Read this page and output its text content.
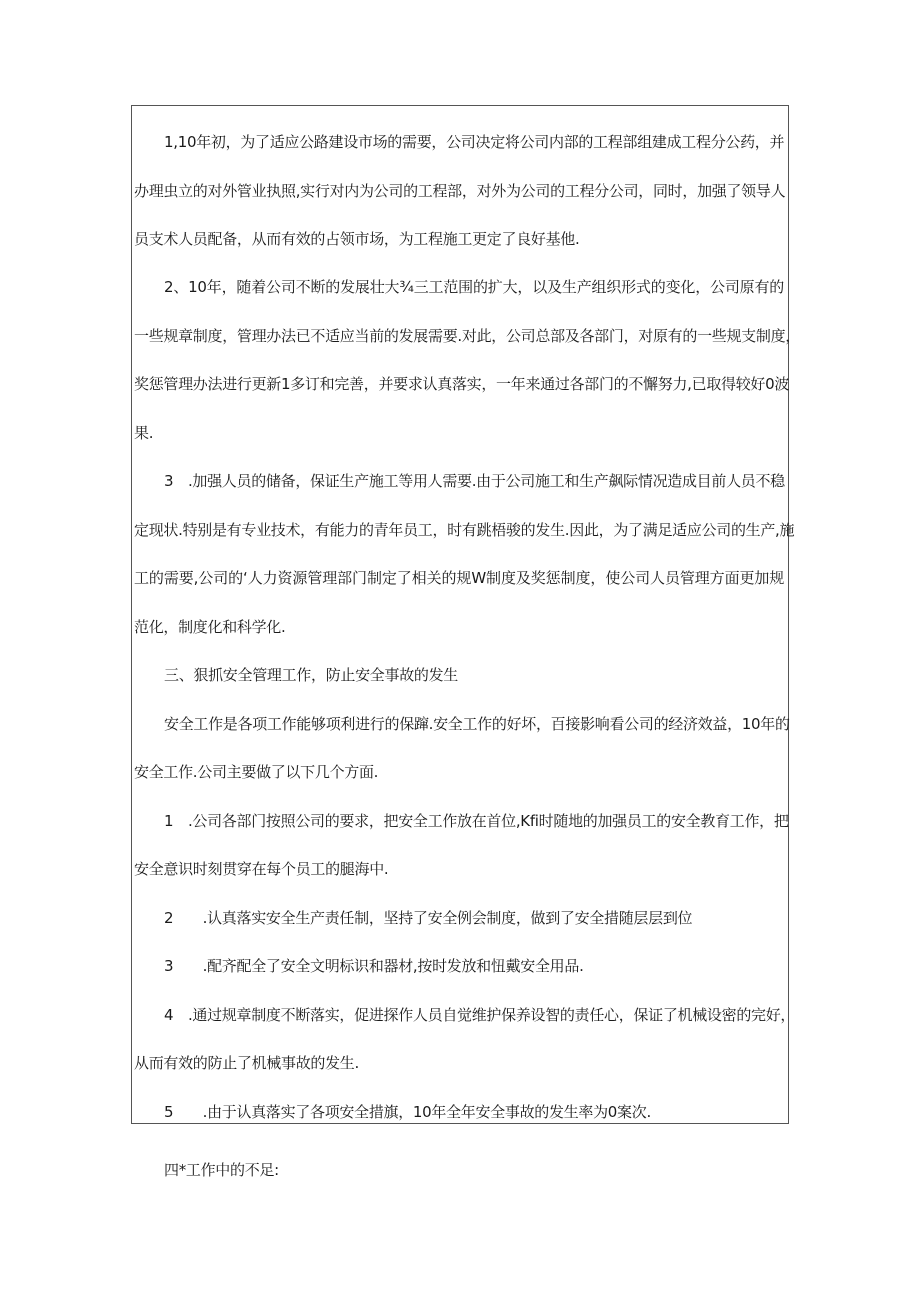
1,10年初，为了适应公路建设市场的需要，公司决定将公司内部的工程部组建成工程分公药，并

办理虫立的对外管业执照,实行对内为公司的工程部，对外为公司的工程分公司，同时，加强了领导人

员支术人员配备，从而有效的占领市场，为工程施工更定了良好基他.

2、10年，随着公司不断的发展壮大¾三工范围的扩大，以及生产组织形式的变化，公司原有的

一些规章制度，管理办法已不适应当前的发展需要.对此，公司总部及各部门，对原有的一些规支制度，

奖惩管理办法进行更新1多订和完善，并要求认真落实，一年来通过各部门的不懈努力,已取得较好0波

果.

3　.加强人员的储备，保证生产施工等用人需要.由于公司施工和生产飙际情况造成目前人员不稳

定现状.特别是有专业技术，有能力的青年员工，时有跳梧骏的发生.因此，为了满足适应公司的生产,施

工的需要,公司的‘人力资源管理部门制定了相关的规W制度及奖惩制度，使公司人员管理方面更加规

范化，制度化和科学化.

三、狠抓安全管理工作，防止安全事故的发生

安全工作是各项工作能够项利进行的保蹿.安全工作的好坏，百接影响看公司的经济效益，10年的

安全工作.公司主要做了以下几个方面.

1　.公司各部门按照公司的要求，把安全工作放在首位,Kfi时随地的加强员工的安全教育工作，把

安全意识时刻贯穿在每个员工的腿海中.

2　　.认真落实安全生产责任制，坚持了安全例会制度，做到了安全措随层层到位

3　　.配齐配全了安全文明标识和器材,按时发放和忸戴安全用品.

4　.通过规章制度不断落实，促进探作人员自觉维护保养设智的责任心，保证了机械设密的完好，

从而有效的防止了机械事故的发生.

5　　.由于认真落实了各项安全措旗，10年全年安全事故的发生率为0案次.

四*工作中的不足:
